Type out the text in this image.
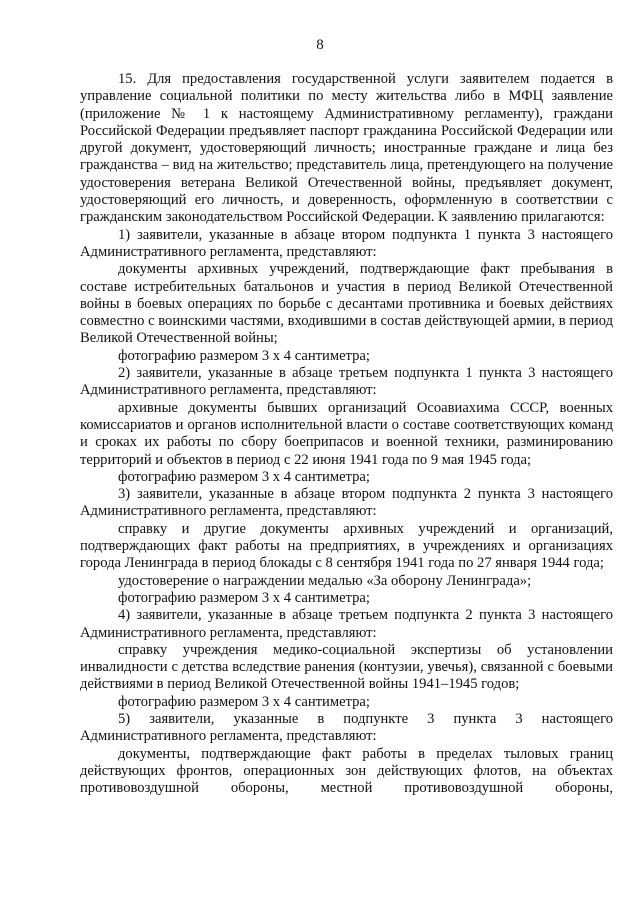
8

15. Для предоставления государственной услуги заявителем подается в управление социальной политики по месту жительства либо в МФЦ заявление (приложение № 1 к настоящему Административному регламенту), граждани Российской Федерации предъявляет паспорт гражданина Российской Федерации или другой документ, удостоверяющий личность; иностранные граждане и лица без гражданства – вид на жительство; представитель лица, претендующего на получение удостоверения ветерана Великой Отечественной войны, предъявляет документ, удостоверяющий его личность, и доверенность, оформленную в соответствии с гражданским законодательством Российской Федерации. К заявлению прилагаются:

1) заявители, указанные в абзаце втором подпункта 1 пункта 3 настоящего Административного регламента, представляют:

документы архивных учреждений, подтверждающие факт пребывания в составе истребительных батальонов и участия в период Великой Отечественной войны в боевых операциях по борьбе с десантами противника и боевых действиях совместно с воинскими частями, входившими в состав действующей армии, в период Великой Отечественной войны;

фотографию размером 3 х 4 сантиметра;

2) заявители, указанные в абзаце третьем подпункта 1 пункта 3 настоящего Административного регламента, представляют:

архивные документы бывших организаций Осоавиахима СССР, военных комиссариатов и органов исполнительной власти о составе соответствующих команд и сроках их работы по сбору боеприпасов и военной техники, разминированию территорий и объектов в период с 22 июня 1941 года по 9 мая 1945 года;

фотографию размером 3 х 4 сантиметра;

3) заявители, указанные в абзаце втором подпункта 2 пункта 3 настоящего Административного регламента, представляют:

справку и другие документы архивных учреждений и организаций, подтверждающих факт работы на предприятиях, в учреждениях и организациях города Ленинграда в период блокады с 8 сентября 1941 года по 27 января 1944 года;

удостоверение о награждении медалью «За оборону Ленинграда»;

фотографию размером 3 х 4 сантиметра;

4) заявители, указанные в абзаце третьем подпункта 2 пункта 3 настоящего Административного регламента, представляют:

справку учреждения медико-социальной экспертизы об установлении инвалидности с детства вследствие ранения (контузии, увечья), связанной с боевыми действиями в период Великой Отечественной войны 1941–1945 годов;

фотографию размером 3 х 4 сантиметра;

5) заявители, указанные в подпункте 3 пункта 3 настоящего Административного регламента, представляют:

документы, подтверждающие факт работы в пределах тыловых границ действующих фронтов, операционных зон действующих флотов, на объектах противовоздушной обороны, местной противовоздушной обороны,
